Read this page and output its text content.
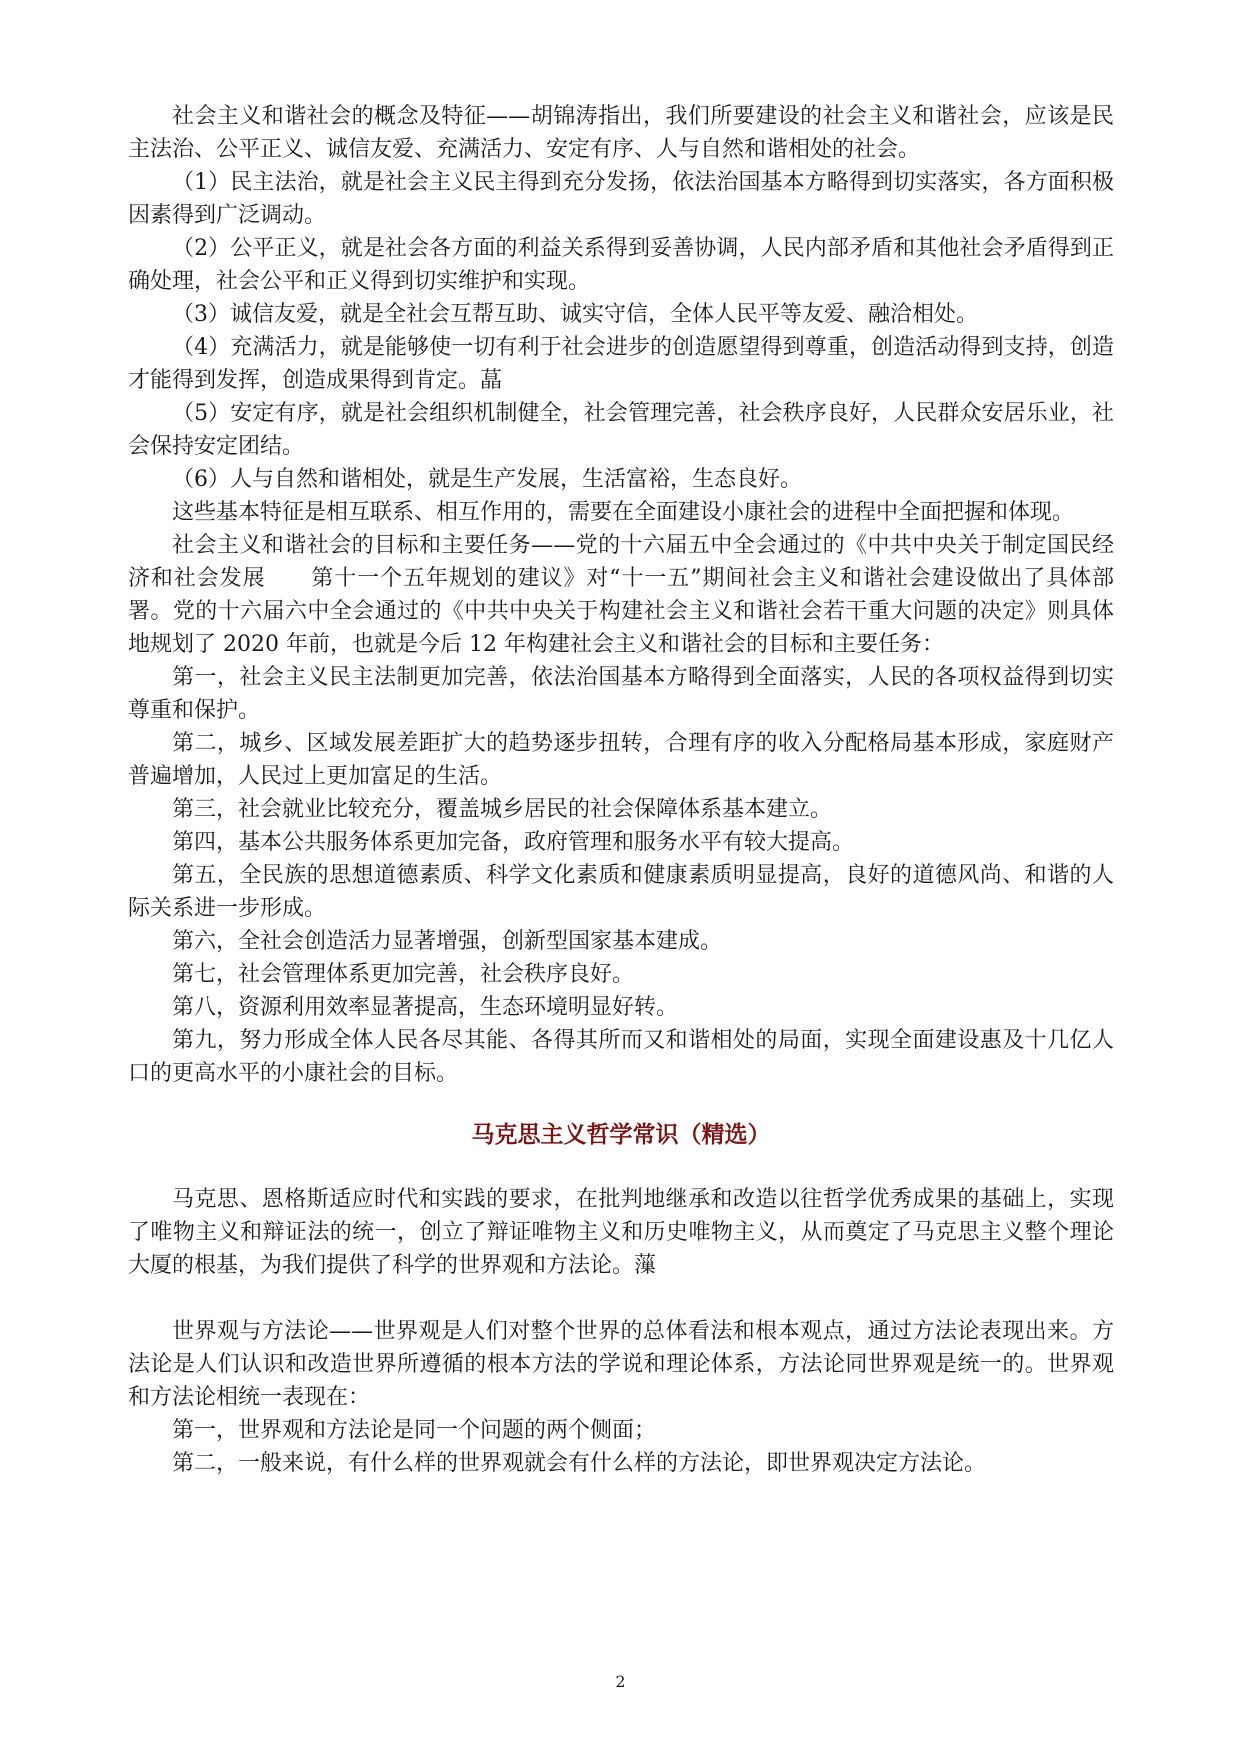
社会主义和谐社会的概念及特征——胡锦涛指出，我们所要建设的社会主义和谐社会，应该是民主法治、公平正义、诚信友爱、充满活力、安定有序、人与自然和谐相处的社会。

（1）民主法治，就是社会主义民主得到充分发扬，依法治国基本方略得到切实落实，各方面积极因素得到广泛调动。

（2）公平正义，就是社会各方面的利益关系得到妥善协调，人民内部矛盾和其他社会矛盾得到正确处理，社会公平和正义得到切实维护和实现。

（3）诚信友爱，就是全社会互帮互助、诚实守信，全体人民平等友爱、融洽相处。

（4）充满活力，就是能够使一切有利于社会进步的创造愿望得到尊重，创造活动得到支持，创造才能得到发挥，创造成果得到肯定。蕌

（5）安定有序，就是社会组织机制健全，社会管理完善，社会秩序良好，人民群众安居乐业，社会保持安定团结。

（6）人与自然和谐相处，就是生产发展，生活富裕，生态良好。

这些基本特征是相互联系、相互作用的，需要在全面建设小康社会的进程中全面把握和体现。

社会主义和谐社会的目标和主要任务——党的十六届五中全会通过的《中共中央关于制定国民经济和社会发展　　第十一个五年规划的建议》对“十一五”期间社会主义和谐社会建设做出了具体部署。党的十六届六中全会通过的《中共中央关于构建社会主义和谐社会若干重大问题的决定》则具体地规划了 2020 年前，也就是今后 12 年构建社会主义和谐社会的目标和主要任务：

第一，社会主义民主法制更加完善，依法治国基本方略得到全面落实，人民的各项权益得到切实尊重和保护。

第二，城乡、区域发展差距扩大的趋势逐步扭转，合理有序的收入分配格局基本形成，家庭财产普遍增加，人民过上更加富足的生活。

第三，社会就业比较充分，覆盖城乡居民的社会保障体系基本建立。

第四，基本公共服务体系更加完备，政府管理和服务水平有较大提高。

第五，全民族的思想道德素质、科学文化素质和健康素质明显提高，良好的道德风尚、和谐的人际关系进一步形成。

第六，全社会创造活力显著增强，创新型国家基本建成。

第七，社会管理体系更加完善，社会秩序良好。

第八，资源利用效率显著提高，生态环境明显好转。

第九，努力形成全体人民各尽其能、各得其所而又和谐相处的局面，实现全面建设惠及十几亿人口的更高水平的小康社会的目标。

马克思主义哲学常识（精选）

马克思、恩格斯适应时代和实践的要求，在批判地继承和改造以往哲学优秀成果的基础上，实现了唯物主义和辩证法的统一，创立了辩证唯物主义和历史唯物主义，从而奠定了马克思主义整个理论大厦的根基，为我们提供了科学的世界观和方法论。薻

世界观与方法论——世界观是人们对整个世界的总体看法和根本观点，通过方法论表现出来。方法论是人们认识和改造世界所遵循的根本方法的学说和理论体系，方法论同世界观是统一的。世界观和方法论相统一表现在：

第一，世界观和方法论是同一个问题的两个侧面；

第二，一般来说，有什么样的世界观就会有什么样的方法论，即世界观决定方法论。

2
